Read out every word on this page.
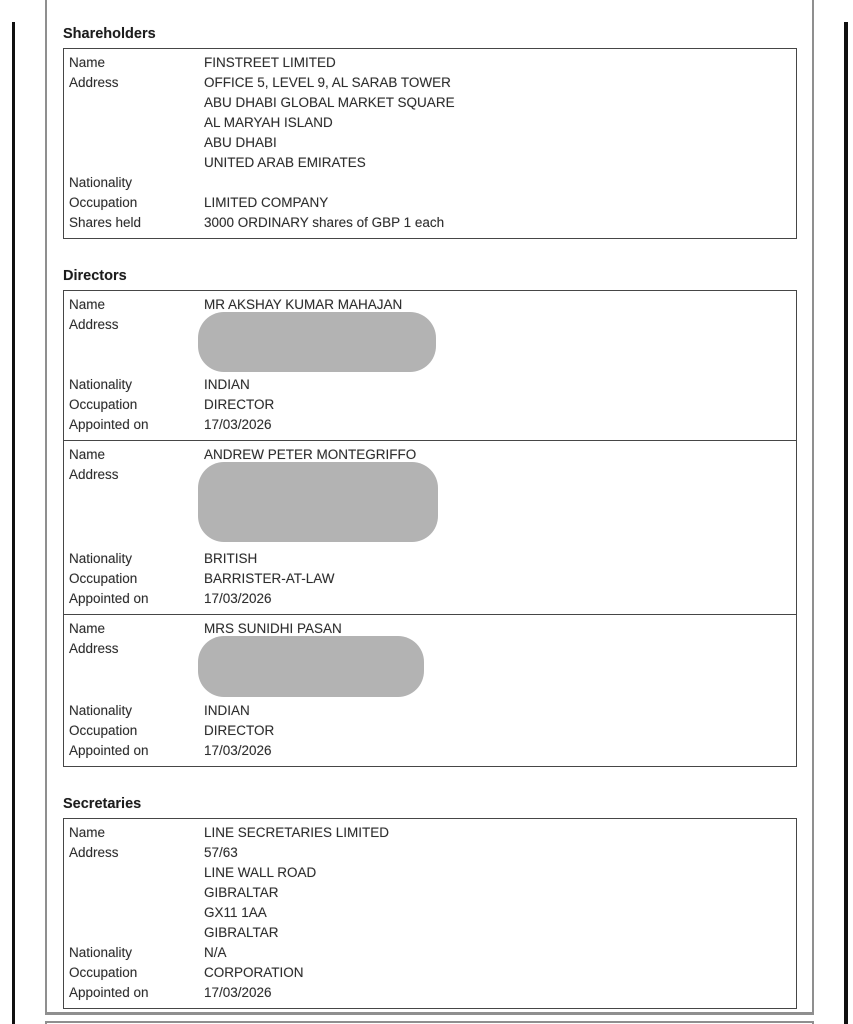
Shareholders
Name	FINSTREET LIMITED
Address	OFFICE 5, LEVEL 9, AL SARAB TOWER
ABU DHABI GLOBAL MARKET SQUARE
AL MARYAH ISLAND
ABU DHABI
UNITED ARAB EMIRATES
Nationality
Occupation	LIMITED COMPANY
Shares held	3000 ORDINARY shares of GBP 1 each
Directors
Name	MR AKSHAY KUMAR MAHAJAN
Address
Nationality	INDIAN
Occupation	DIRECTOR
Appointed on	17/03/2026
Name	ANDREW PETER MONTEGRIFFO
Address
Nationality	BRITISH
Occupation	BARRISTER-AT-LAW
Appointed on	17/03/2026
Name	MRS SUNIDHI PASAN
Address
Nationality	INDIAN
Occupation	DIRECTOR
Appointed on	17/03/2026
Secretaries
Name	LINE SECRETARIES LIMITED
Address	57/63
LINE WALL ROAD
GIBRALTAR
GX11 1AA
GIBRALTAR
Nationality	N/A
Occupation	CORPORATION
Appointed on	17/03/2026
